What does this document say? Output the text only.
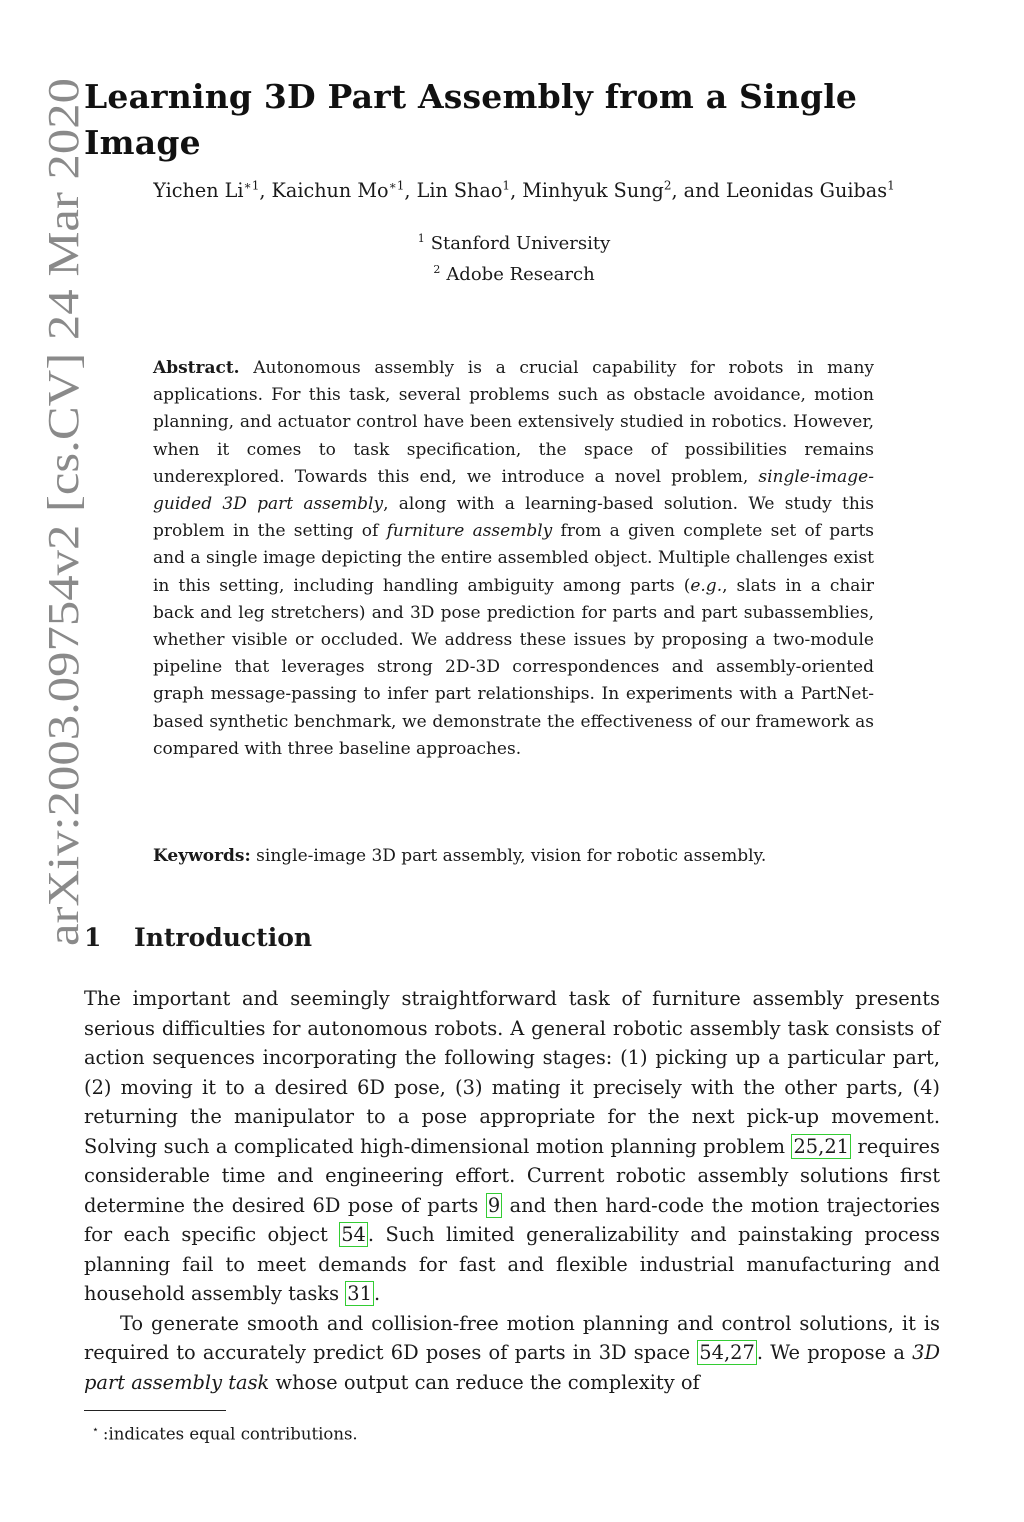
arXiv:2003.09754v2 [cs.CV] 24 Mar 2020
Learning 3D Part Assembly from a Single Image
Yichen $Li^{∗1}$, Kaichun $Mo^{∗1}$, Lin Shao$^1$, Minhyuk Sung$^2$, and Leonidas Guibas$^1$
$^1$ Stanford University
$^2$ Adobe Research

Abstract. Autonomous assembly is a crucial capability for robots in many applications. For this task, several problems such as obstacle avoidance, motion planning, and actuator control have been extensively studied in robotics. However, when it comes to task specification, the space of possibilities remains underexplored. Towards this end, we introduce a novel problem, single-image-guided 3D part assembly, along with a learning-based solution. We study this problem in the setting of furniture assembly from a given complete set of parts and a single image depicting the entire assembled object. Multiple challenges exist in this setting, including handling ambiguity among parts (e.g., slats in a chair back and leg stretchers) and 3D pose prediction for parts and part subassemblies, whether visible or occluded. We address these issues by proposing a two-module pipeline that leverages strong 2D-3D correspondences and assembly-oriented graph message-passing to infer part relationships. In experiments with a PartNet-based synthetic benchmark, we demonstrate the effectiveness of our framework as compared with three baseline approaches.

Keywords: single-image 3D part assembly, vision for robotic assembly.
1 Introduction

The important and seemingly straightforward task of furniture assembly presents serious difficulties for autonomous robots. A general robotic assembly task consists of action sequences incorporating the following stages: (1) picking up a particular part, (2) moving it to a desired 6D pose, (3) mating it precisely with the other parts, (4) returning the manipulator to a pose appropriate for the next pick-up movement. Solving such a complicated high-dimensional motion planning problem 25,21 requires considerable time and engineering effort. Current robotic assembly solutions first determine the desired 6D pose of parts 9 and then hard-code the motion trajectories for each specific object 54 . Such limited generalizability and painstaking process planning fail to meet demands for fast and flexible industrial manufacturing and household assembly tasks 31 .

To generate smooth and collision-free motion planning and control solutions, it is required to accurately predict 6D poses of parts in 3D space 54,27 . We propose a 3D part assembly task whose output can reduce the complexity of

⋆ :indicates equal contributions.
